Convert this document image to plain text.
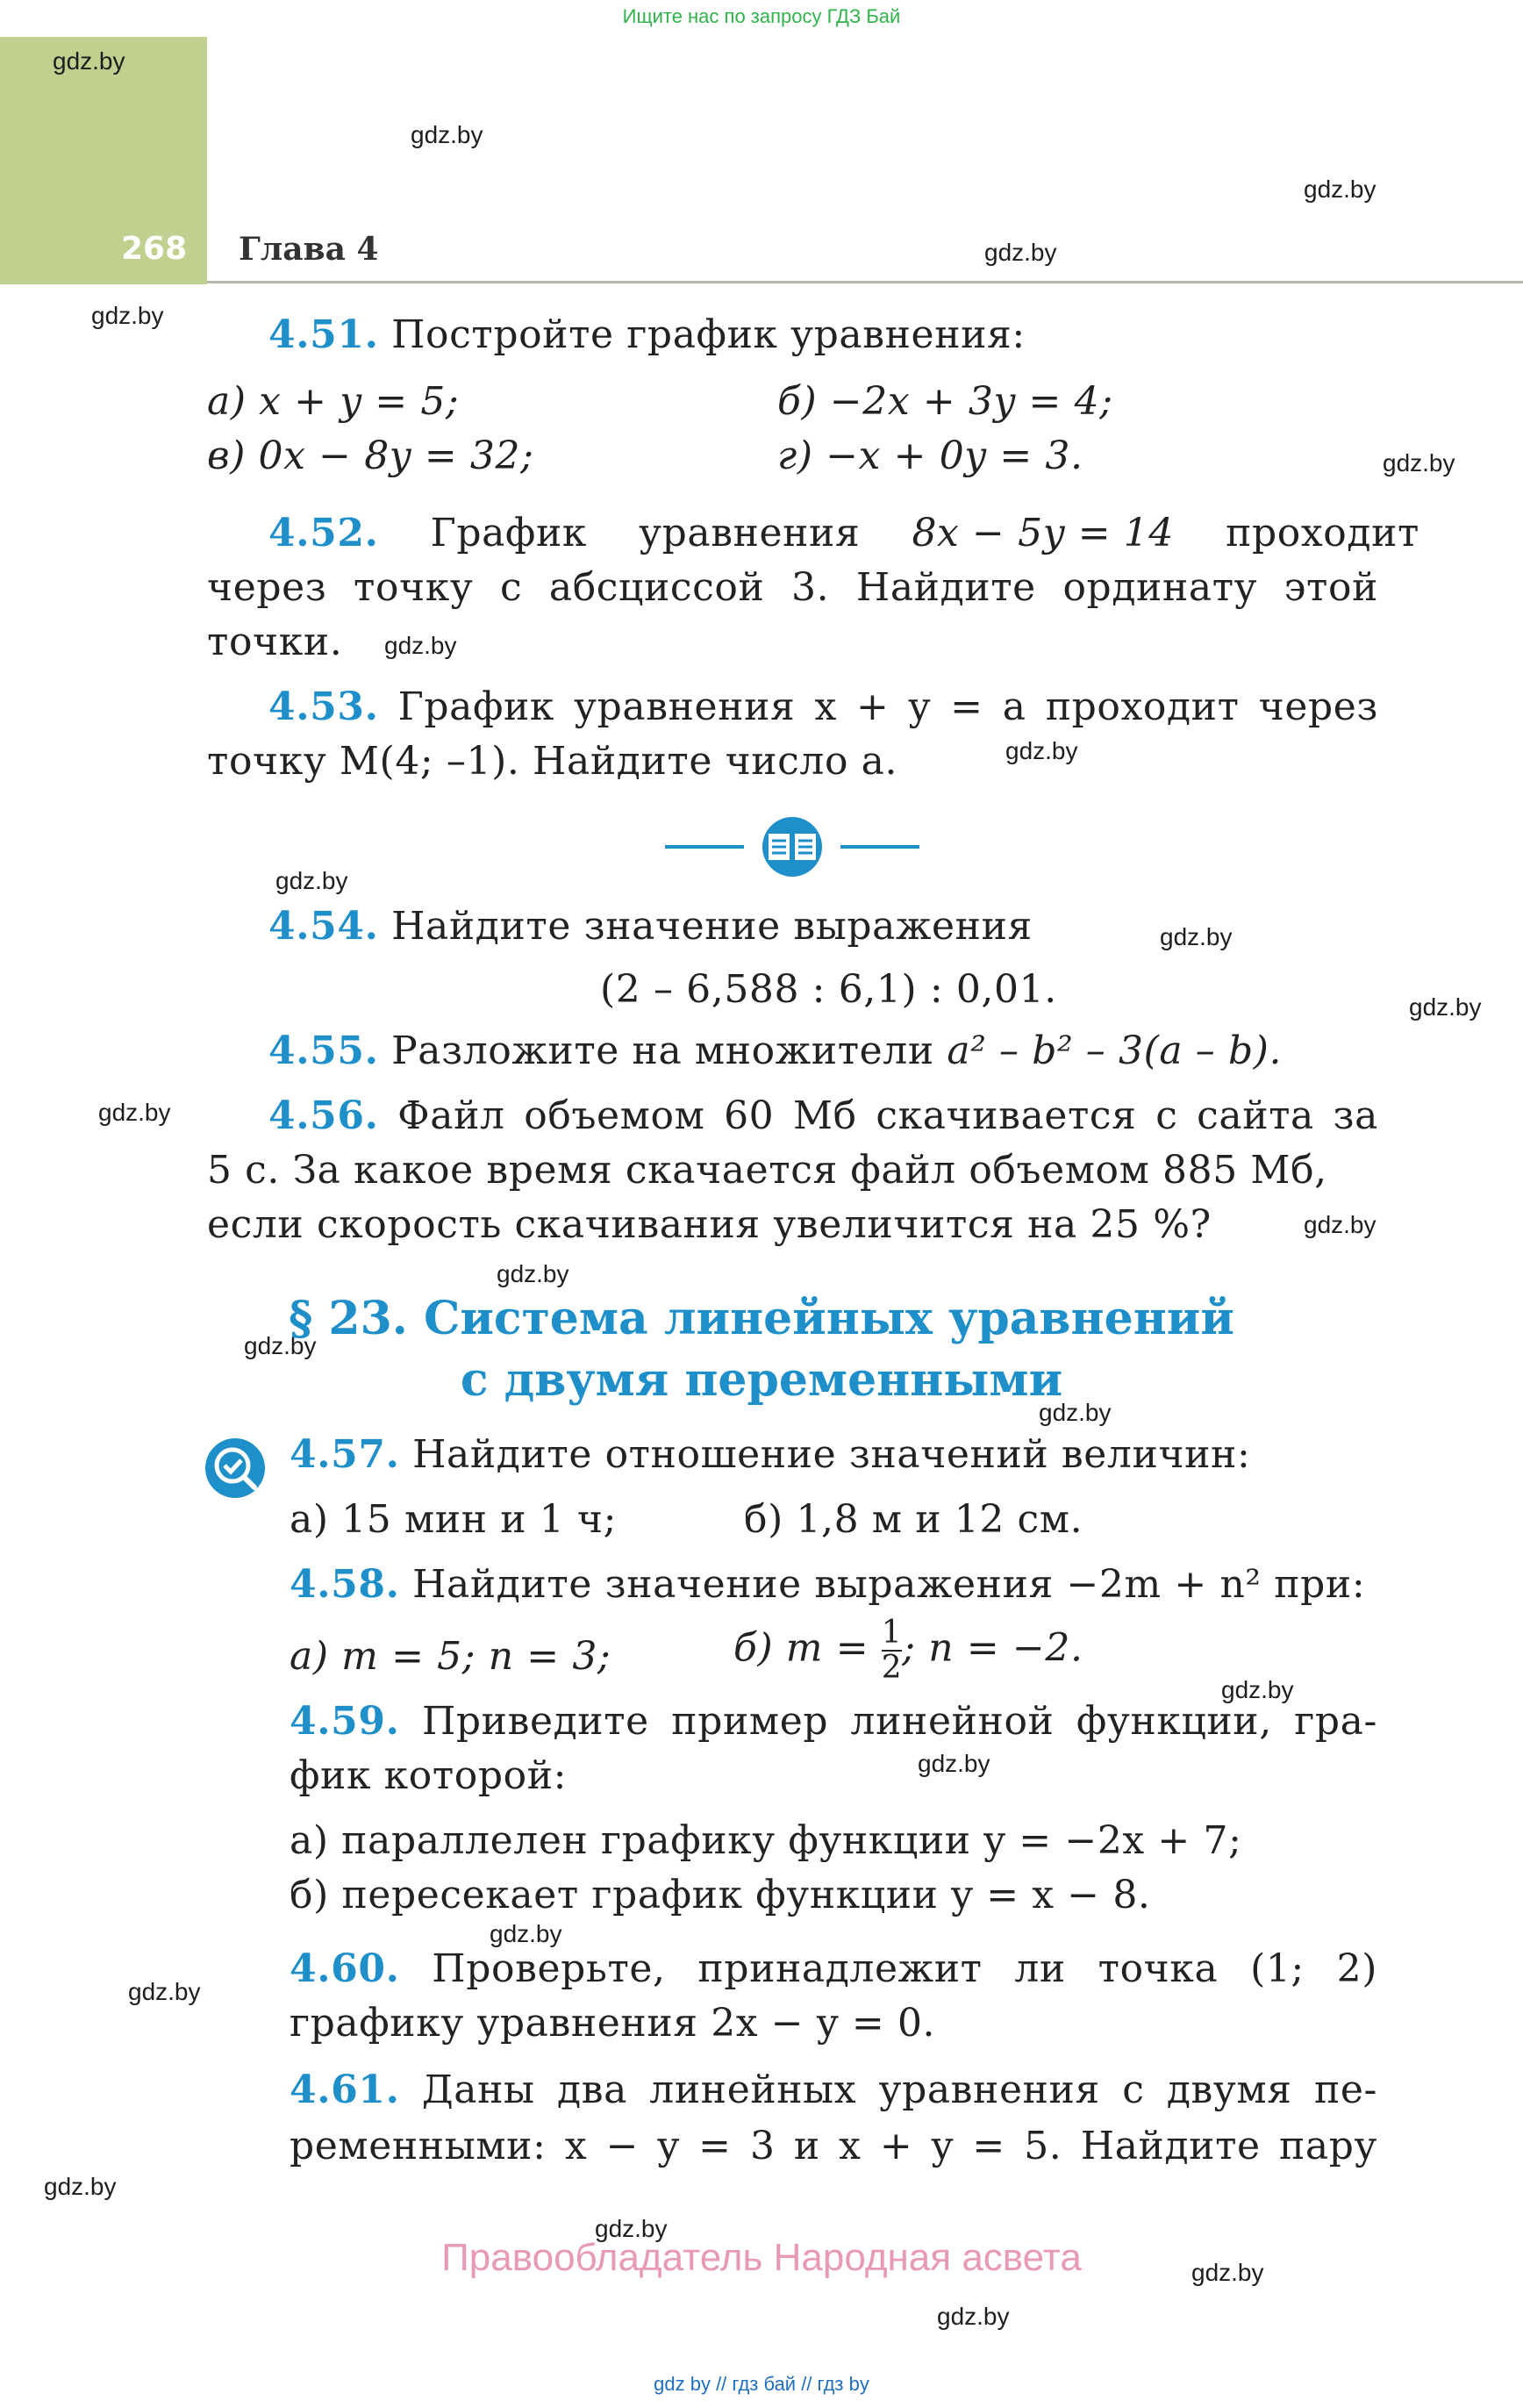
Ищите нас по запросу ГДЗ Бай
268 Глава 4
gdz.by
gdz.by
gdz.by
gdz.by
gdz.by
gdz.by
gdz.by
gdz.by
gdz.by
gdz.by
gdz.by
gdz.by
gdz.by
gdz.by
gdz.by
gdz.by
gdz.by
gdz.by
gdz.by
gdz.by
gdz.by
gdz.by
gdz.by
gdz.by
4.51. Постройте график уравнения:
а) x + y = 5;	б) −2x + 3y = 4;
в) 0x − 8y = 32;	г) −x + 0y = 3.
4.52. График уравнения 8x − 5y = 14 проходит
через точку с абсциссой 3. Найдите ординату этой
точки.
4.53. График уравнения x + y = a проходит через
точку M(4; –1). Найдите число a.
4.54. Найдите значение выражения
(2 – 6,588 : 6,1) : 0,01.
4.55. Разложите на множители a² – b² – 3(a – b).
4.56. Файл объемом 60 Мб скачивается с сайта за
5 с. За какое время скачается файл объемом 885 Мб,
если скорость скачивания увеличится на 25 %?
§ 23. Система линейных уравнений
с двумя переменными
4.57. Найдите отношение значений величин:
а) 15 мин и 1 ч;	б) 1,8 м и 12 см.
4.58. Найдите значение выражения −2m + n² при:
а) m = 5; n = 3;	б) $m = \frac{1}{2}$ ; n = −2.
4.59. Приведите пример линейной функции, гра-
фик которой:
а) параллелен графику функции y = −2x + 7;
б) пересекает график функции y = x − 8.
4.60. Проверьте, принадлежит ли точка (1; 2)
графику уравнения 2x − y = 0.
4.61. Даны два линейных уравнения с двумя пе-
ременными: x − y = 3 и x + y = 5. Найдите пару
Правообладатель Народная асвета
gdz by // гдз бай // гдз by
